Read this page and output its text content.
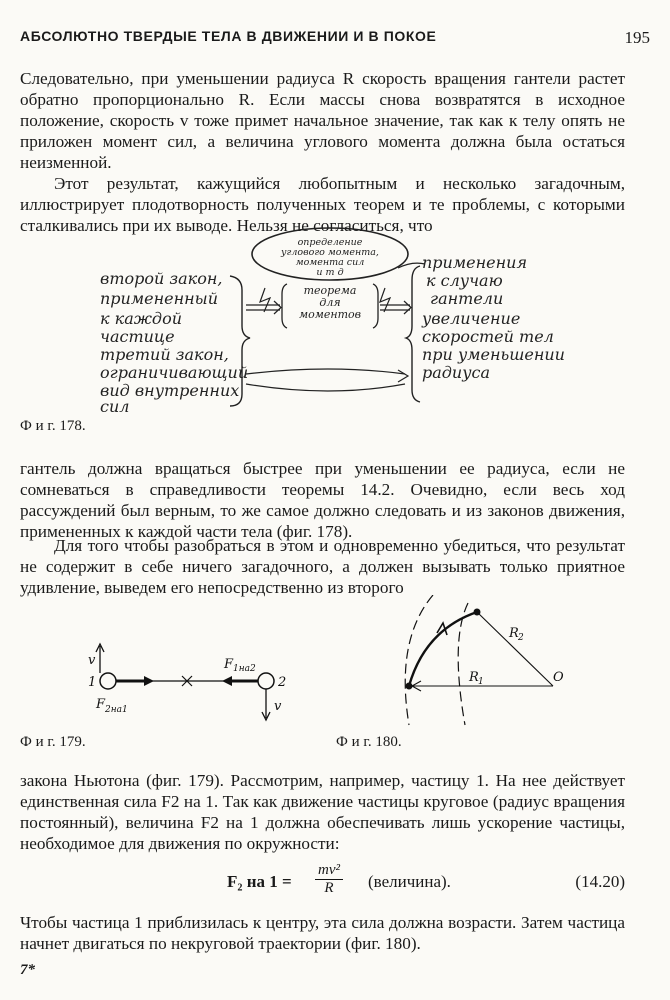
АБСОЛЮТНО ТВЕРДЫЕ ТЕЛА В ДВИЖЕНИИ И В ПОКОЕ	195

Следовательно, при уменьшении радиуса R скорость вращения гантели растет обратно пропорционально R. Если массы снова возвратятся в исходное положение, скорость v тоже примет начальное значение, так как к телу опять не приложен момент сил, а величина углового момента должна была остаться неизменной.

Этот результат, кажущийся любопытным и несколько загадочным, иллюстрирует плодотворность полученных теорем и те проблемы, с которыми сталкивались при их выводе. Нельзя не согласиться, что

второй закон,
примененный
к каждой
частице
третий закон,
ограничивающий
вид внутренних
сил
определение
углового момента,
момента сил
и т д
теорема
для
моментов
применения
к случаю
гантели
увеличение
скоростей тел
при уменьшении
радиуса
Ф и г. 178.

гантель должна вращаться быстрее при уменьшении ее радиуса, если не сомневаться в справедливости теоремы 14.2. Очевидно, если весь ход рассуждений был верным, то же самое должно следовать и из законов движения, примененных к каждой части тела (фиг. 178).

Для того чтобы разобраться в этом и одновременно убедиться, что результат не содержит в себе ничего загадочного, а должен вызывать только приятное удивление, выведем его непосредственно из второго

v
v
1	2
F 1на2
F 2на1
Ф и г. 179.
R 1
R 2
O
Ф и г. 180.

закона Ньютона (фиг. 179). Рассмотрим, например, частицу 1. На нее действует единственная сила F2 на 1. Так как движение частицы круговое (радиус вращения постоянный), величина F2 на 1 должна обеспечивать лишь ускорение частицы, необходимое для движения по окружности:

F₂ на 1 =
mv²
R	(величина).	(14.20)

Чтобы частица 1 приблизилась к центру, эта сила должна возрасти. Затем частица начнет двигаться по некруговой траектории (фиг. 180).

7*
